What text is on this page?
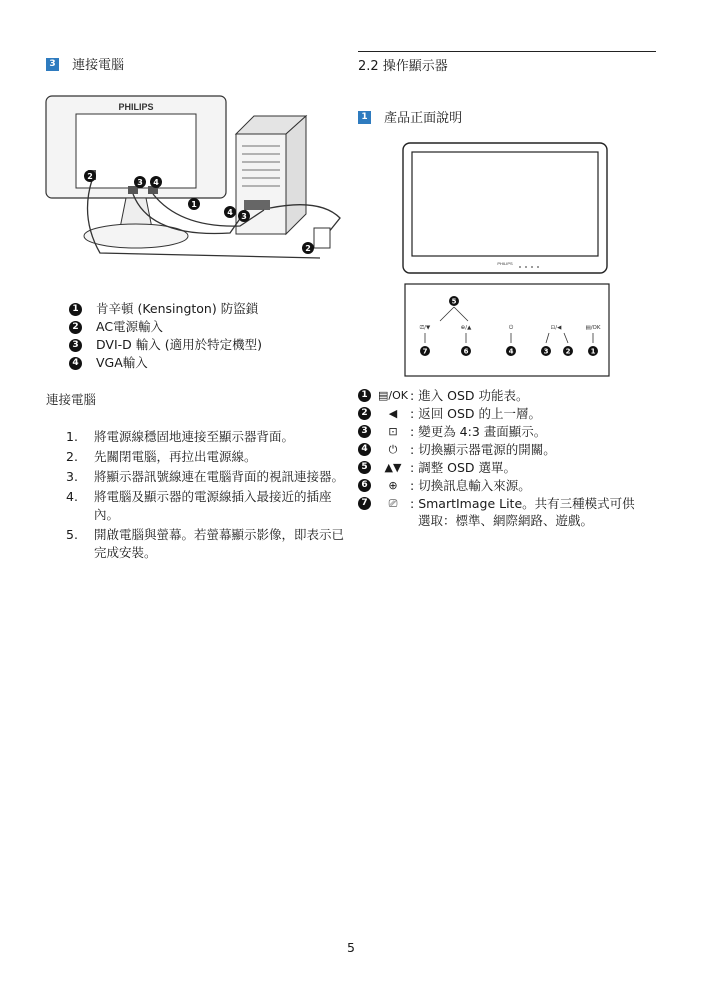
3 連接電腦
PHILIPS
2
3 4
1
4 3
2
1 肯辛頓 (Kensington) 防盜鎖
2 AC電源輸入
3 DVI-D 輸入 (適用於特定機型)
4 VGA輸入
連接電腦
1. 將電源線穩固地連接至顯示器背面。
2. 先關閉電腦，再拉出電源線。
3. 將顯示器訊號線連在電腦背面的視訊連接器。
4. 將電腦及顯示器的電源線插入最接近的插座內。
5. 開啟電腦與螢幕。若螢幕顯示影像，即表示已完成安裝。
2.2 操作顯示器
1 產品正面說明
PHILIPS
⎚/▼	⊕/▲	⏻	⊡/◀	▤/OK
5
7	6	4	3 2	1
1 ▤/OK : 進入 OSD 功能表。
2	◀	: 返回 OSD 的上一層。
3	⊡ : 變更為 4:3 畫面顯示。
4	⏻	: 切換顯示器電源的開關。
5	▲▼ : 調整 OSD 選單。
6	⊕ : 切換訊息輸入來源。
7	⎚	: SmartImage Lite。共有三種模式可供
選取：標準、網際網路、遊戲。
5
